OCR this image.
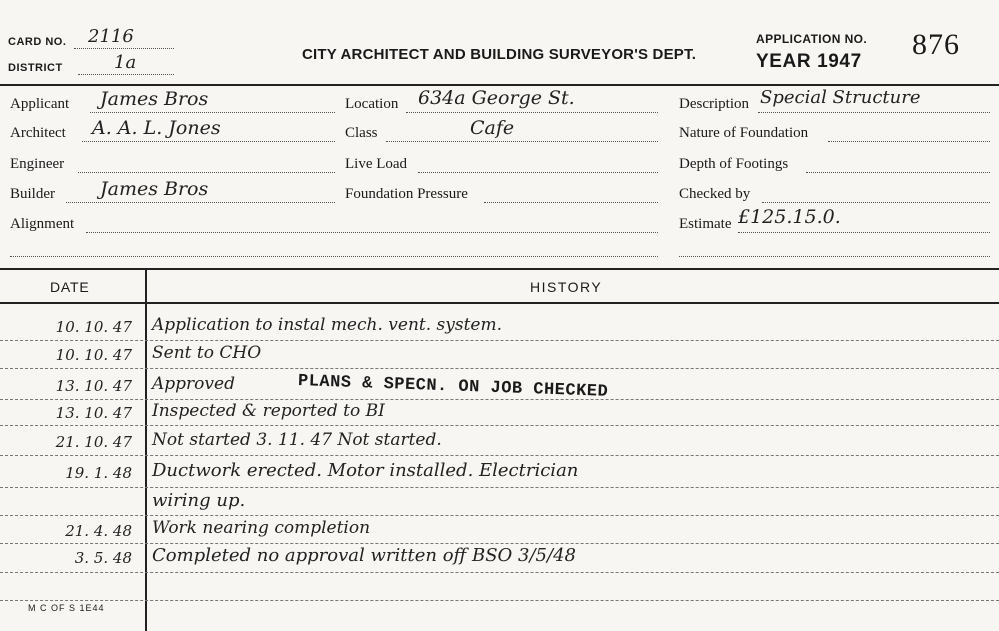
CARD NO. 2116
DISTRICT	1a	CITY ARCHITECT AND BUILDING SURVEYOR'S DEPT.
APPLICATION NO.
YEAR 1947
876
Applicant James Bros
Architect A. A. L. Jones
Engineer
Builder James Bros
Alignment
Location 634a George St.
Class	Cafe
Live Load
Foundation Pressure
Description Special Structure
Nature of Foundation
Depth of Footings
Checked by
Estimate £125.15.0.
DATE	HISTORY
10. 10. 47 Application to instal mech. vent. system.
10. 10. 47 Sent to CHO
13. 10. 47 Approved	PLANS & SPECN. ON JOB CHECKED
13. 10. 47 Inspected & reported to BI
21. 10. 47 Not started 3. 11. 47 Not started.
19. 1. 48 Ductwork erected. Motor installed. Electrician
wiring up.
21. 4. 48 Work nearing completion
3. 5. 48 Completed no approval written off BSO 3/5/48
M C OF S 1E44
